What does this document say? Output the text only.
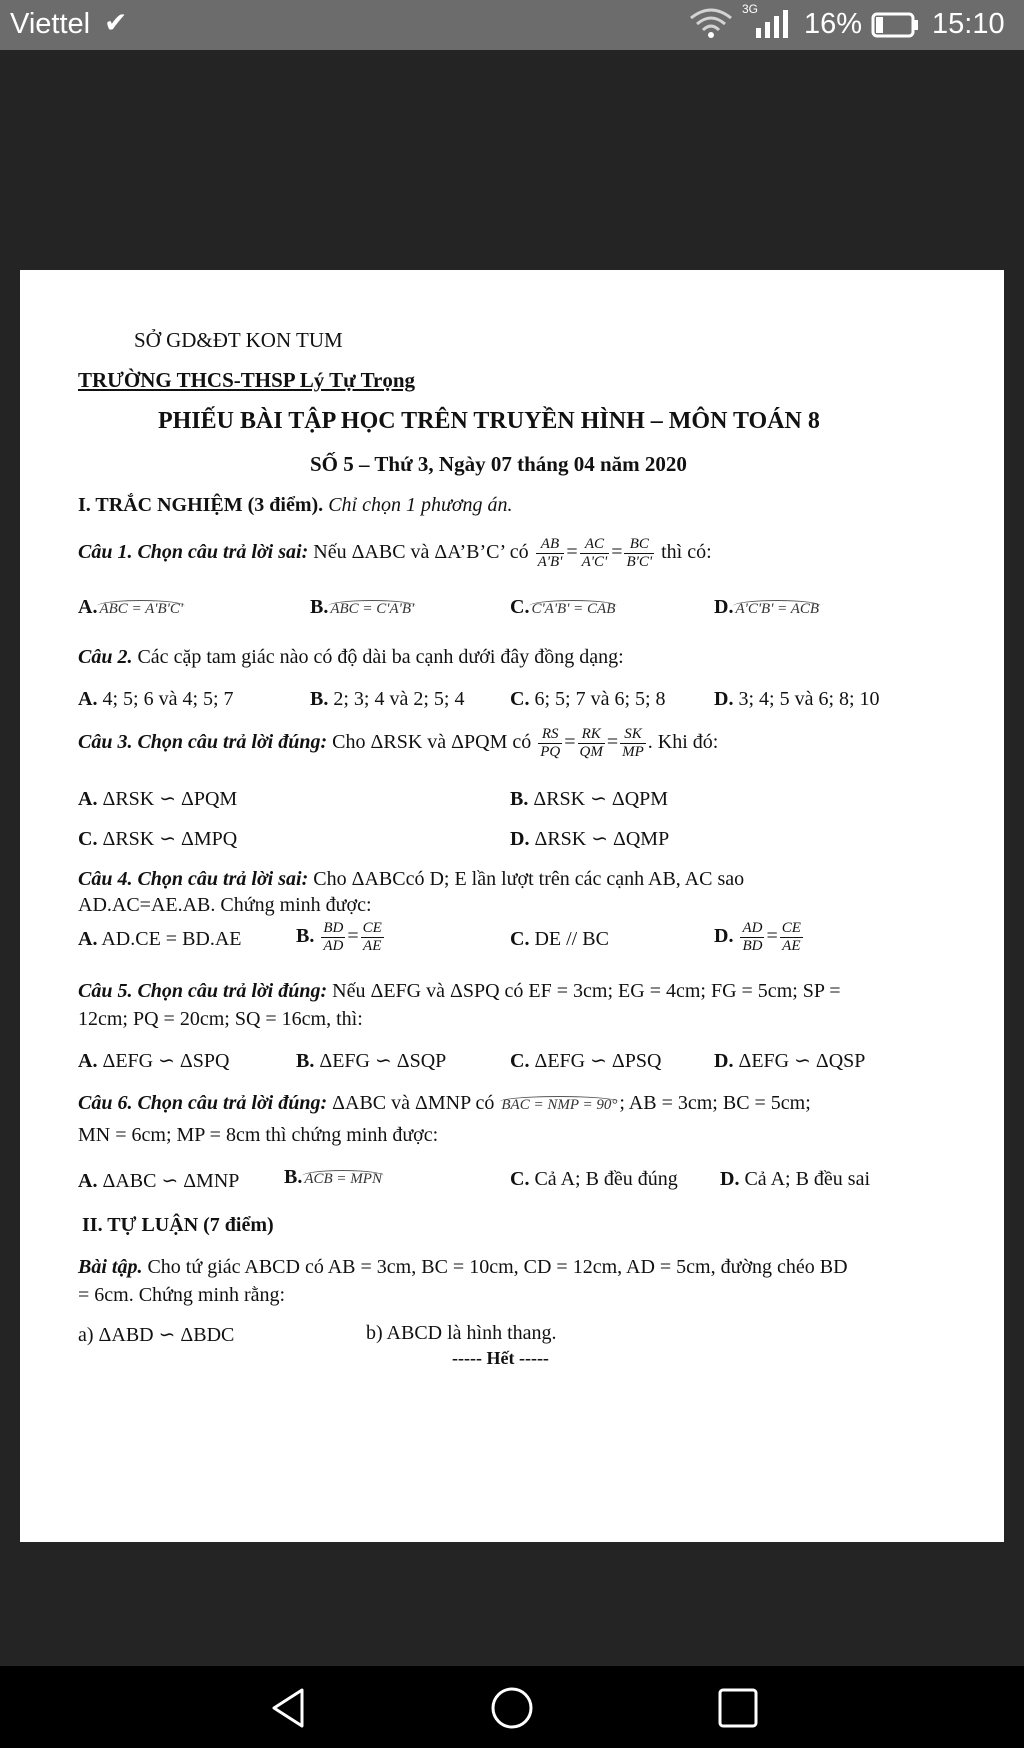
Viettel ✔	3G 16% 15:10
SỞ GD&ĐT KON TUM
TRƯỜNG THCS-THSP Lý Tự Trọng
PHIẾU BÀI TẬP HỌC TRÊN TRUYỀN HÌNH – MÔN TOÁN 8
SỐ 5 – Thứ 3, Ngày 07 tháng 04 năm 2020
I. TRẮC NGHIỆM (3 điểm). Chỉ chọn 1 phương án.
Câu 1. Chọn câu trả lời sai: Nếu ΔABC và ΔA’B’C’ có $\frac{AB}{A'B'} = \frac{AC}{A'C'} = \frac{BC}{B'C'}$ thì có:
A. ABC = A'B'C'	B. ABC = C'A'B'	C. C'A'B' = CAB	D. A'C'B' = ACB
Câu 2. Các cặp tam giác nào có độ dài ba cạnh dưới đây đồng dạng:
A. 4; 5; 6 và 4; 5; 7	B. 2; 3; 4 và 2; 5; 4 C. 6; 5; 7 và 6; 5; 8 D. 3; 4; 5 và 6; 8; 10
Câu 3. Chọn câu trả lời đúng: Cho ΔRSK và ΔPQM có $\frac{RS}{PQ} = \frac{RK}{QM} = \frac{SK}{MP}$ . Khi đó:
A. ΔRSK ∽ ΔPQM	B. ΔRSK ∽ ΔQPM
C. ΔRSK ∽ ΔMPQ	D. ΔRSK ∽ ΔQMP
Câu 4. Chọn câu trả lời sai: Cho ΔABCcó D; E lần lượt trên các cạnh AB, AC sao
AD.AC=AE.AB. Chứng minh được:
A. AD.CE = BD.AE	B. $\frac{BD}{AD} = \frac{CE}{AE}$	C. DE // BC	D. $\frac{AD}{BD} = \frac{CE}{AE}$
Câu 5. Chọn câu trả lời đúng: Nếu ΔEFG và ΔSPQ có EF = 3cm; EG = 4cm; FG = 5cm; SP =
12cm; PQ = 20cm; SQ = 16cm, thì:
A. ΔEFG ∽ ΔSPQ	B. ΔEFG ∽ ΔSQP	C. ΔEFG ∽ ΔPSQ	D. ΔEFG ∽ ΔQSP
Câu 6. Chọn câu trả lời đúng: ΔABC và ΔMNP có BAC = NMP = 90° ; AB = 3cm; BC = 5cm;
MN = 6cm; MP = 8cm thì chứng minh được:
A. ΔABC ∽ ΔMNP B. ACB = MPN	C. Cả A; B đều đúng D. Cả A; B đều sai
II. TỰ LUẬN (7 điểm)
Bài tập. Cho tứ giác ABCD có AB = 3cm, BC = 10cm, CD = 12cm, AD = 5cm, đường chéo BD
= 6cm. Chứng minh rằng:
a) ΔABD ∽ ΔBDC	b) ABCD là hình thang.
----- Hết -----
